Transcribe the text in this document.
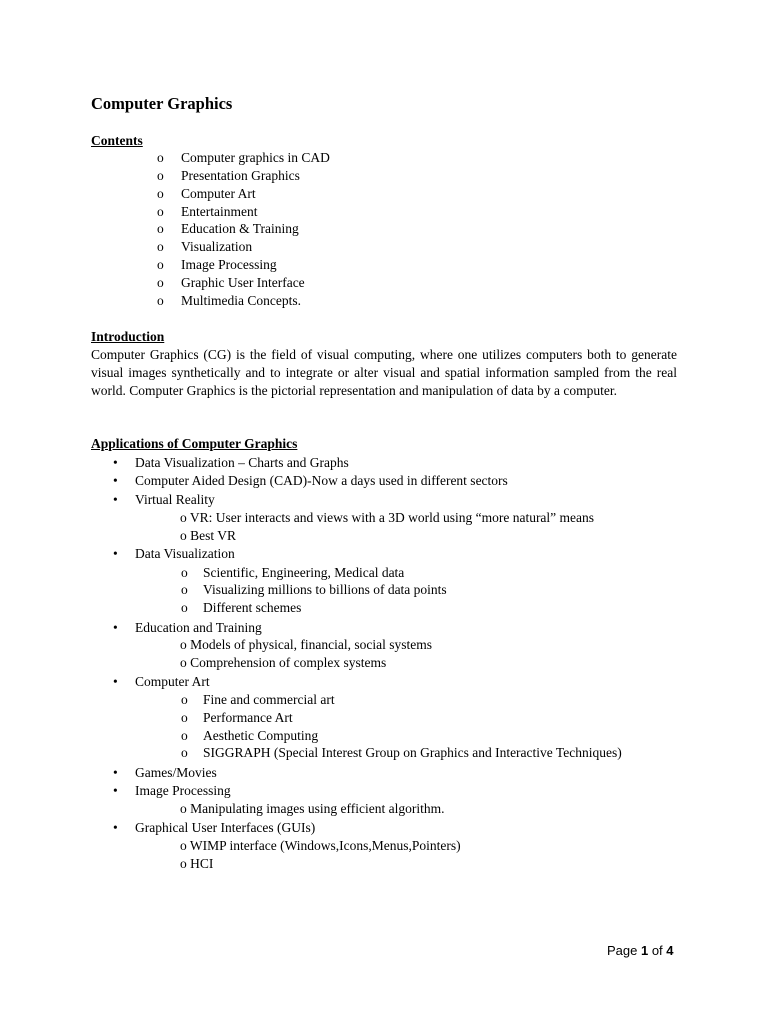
Computer Graphics
Contents
o Computer graphics in CAD
o Presentation Graphics
o Computer Art
o Entertainment
o Education & Training
o Visualization
o Image Processing
o Graphic User Interface
o Multimedia Concepts.
Introduction
Computer Graphics (CG) is the field of visual computing, where one utilizes computers both to generate visual images synthetically and to integrate or alter visual and spatial information sampled from the real world. Computer Graphics is the pictorial representation and manipulation of data by a computer.
Applications of Computer Graphics
• Data Visualization – Charts and Graphs
• Computer Aided Design (CAD)-Now a days used in different sectors
• Virtual Reality
o VR: User interacts and views with a 3D world using “more natural” means
o Best VR
• Data Visualization
o Scientific, Engineering, Medical data
o Visualizing millions to billions of data points
o Different schemes
• Education and Training
o Models of physical, financial, social systems
o Comprehension of complex systems
• Computer Art
o Fine and commercial art
o Performance Art
o Aesthetic Computing
o SIGGRAPH (Special Interest Group on Graphics and Interactive Techniques)
• Games/Movies
• Image Processing
o Manipulating images using efficient algorithm.
• Graphical User Interfaces (GUIs)
o WIMP interface (Windows,Icons,Menus,Pointers)
o HCI
Page 1 of 4
